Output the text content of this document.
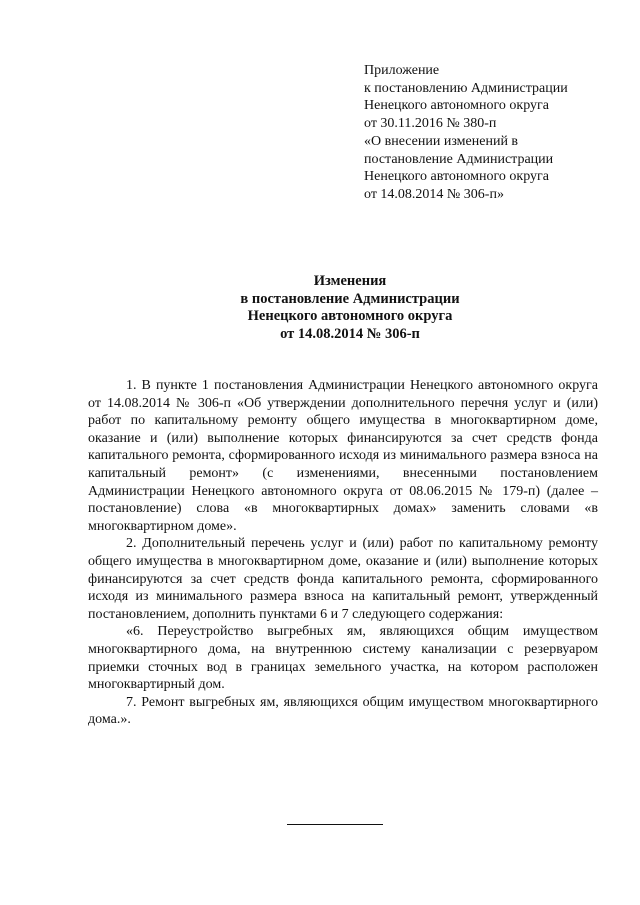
Приложение
к постановлению Администрации
Ненецкого автономного округа
от 30.11.2016 № 380-п
«О внесении изменений в
постановление Администрации
Ненецкого автономного округа
от 14.08.2014 № 306-п»
Изменения
в постановление Администрации
Ненецкого автономного округа
от 14.08.2014 № 306-п

1. В пункте 1 постановления Администрации Ненецкого автономного округа от 14.08.2014 № 306-п «Об утверждении дополнительного перечня услуг и (или) работ по капитальному ремонту общего имущества в многоквартирном доме, оказание и (или) выполнение которых финансируются за счет средств фонда капитального ремонта, сформированного исходя из минимального размера взноса на капитальный ремонт» (с изменениями, внесенными постановлением Администрации Ненецкого автономного округа от 08.06.2015 № 179-п) (далее – постановление) слова «в многоквартирных домах» заменить словами «в многоквартирном доме».

2. Дополнительный перечень услуг и (или) работ по капитальному ремонту общего имущества в многоквартирном доме, оказание и (или) выполнение которых финансируются за счет средств фонда капитального ремонта, сформированного исходя из минимального размера взноса на капитальный ремонт, утвержденный постановлением, дополнить пунктами 6 и 7 следующего содержания:

«6. Переустройство выгребных ям, являющихся общим имуществом многоквартирного дома, на внутреннюю систему канализации с резервуаром приемки сточных вод в границах земельного участка, на котором расположен многоквартирный дом.

7. Ремонт выгребных ям, являющихся общим имуществом многоквартирного дома.».
